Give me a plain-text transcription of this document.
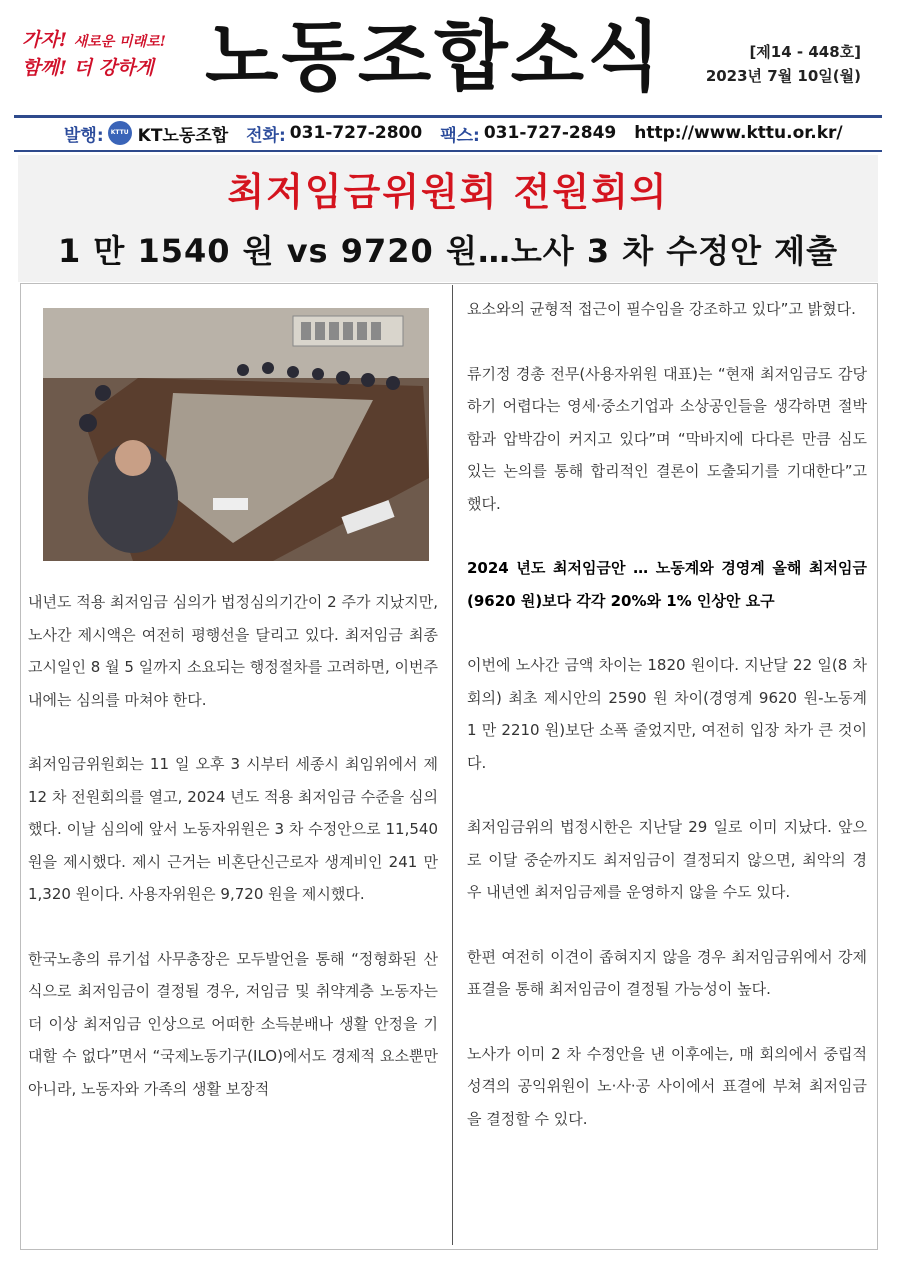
가자! 새로운 미래로!
함께! 더 강하게 노동조합소식	[제14 - 448호]
2023년 7월 10일(월)
발행:	KTTU KT노동조합 전화: 031-727-2800 팩스: 031-727-2849 http://www.kttu.or.kr/
최저임금위원회 전원회의
1 만 1540 원 vs 9720 원…노사 3 차 수정안 제출

내년도 적용 최저임금 심의가 법정심의기간이 2 주가 지났지만, 노사간 제시액은 여전히 평행선을 달리고 있다. 최저임금 최종 고시일인 8 월 5 일까지 소요되는 행정절차를 고려하면, 이번주 내에는 심의를 마쳐야 한다.

최저임금위원회는 11 일 오후 3 시부터 세종시 최임위에서 제 12 차 전원회의를 열고, 2024 년도 적용 최저임금 수준을 심의했다. 이날 심의에 앞서 노동자위원은 3 차 수정안으로 11,540 원을 제시했다. 제시 근거는 비혼단신근로자 생계비인 241 만 1,320 원이다. 사용자위원은 9,720 원을 제시했다.

한국노총의 류기섭 사무총장은 모두발언을 통해 “정형화된 산식으로 최저임금이 결정될 경우, 저임금 및 취약계층 노동자는 더 이상 최저임금 인상으로 어떠한 소득분배나 생활 안정을 기대할 수 없다”면서 “국제노동기구(ILO)에서도 경제적 요소뿐만 아니라, 노동자와 가족의 생활 보장적

요소와의 균형적 접근이 필수임을 강조하고 있다”고 밝혔다.

류기정 경총 전무(사용자위원 대표)는 “현재 최저임금도 감당하기 어렵다는 영세·중소기업과 소상공인들을 생각하면 절박함과 압박감이 커지고 있다”며 “막바지에 다다른 만큼 심도 있는 논의를 통해 합리적인 결론이 도출되기를 기대한다”고 했다.

2024 년도 최저임금안 … 노동계와 경영계 올해 최저임금(9620 원)보다 각각 20%와 1% 인상안 요구

이번에 노사간 금액 차이는 1820 원이다. 지난달 22 일(8 차 회의) 최초 제시안의 2590 원 차이(경영계 9620 원-노동계 1 만 2210 원)보단 소폭 줄었지만, 여전히 입장 차가 큰 것이다.

최저임금위의 법정시한은 지난달 29 일로 이미 지났다. 앞으로 이달 중순까지도 최저임금이 결정되지 않으면, 최악의 경우 내년엔 최저임금제를 운영하지 않을 수도 있다.

한편 여전히 이견이 좁혀지지 않을 경우 최저임금위에서 강제 표결을 통해 최저임금이 결정될 가능성이 높다.

노사가 이미 2 차 수정안을 낸 이후에는, 매 회의에서 중립적 성격의 공익위원이 노·사·공 사이에서 표결에 부쳐 최저임금을 결정할 수 있다.
